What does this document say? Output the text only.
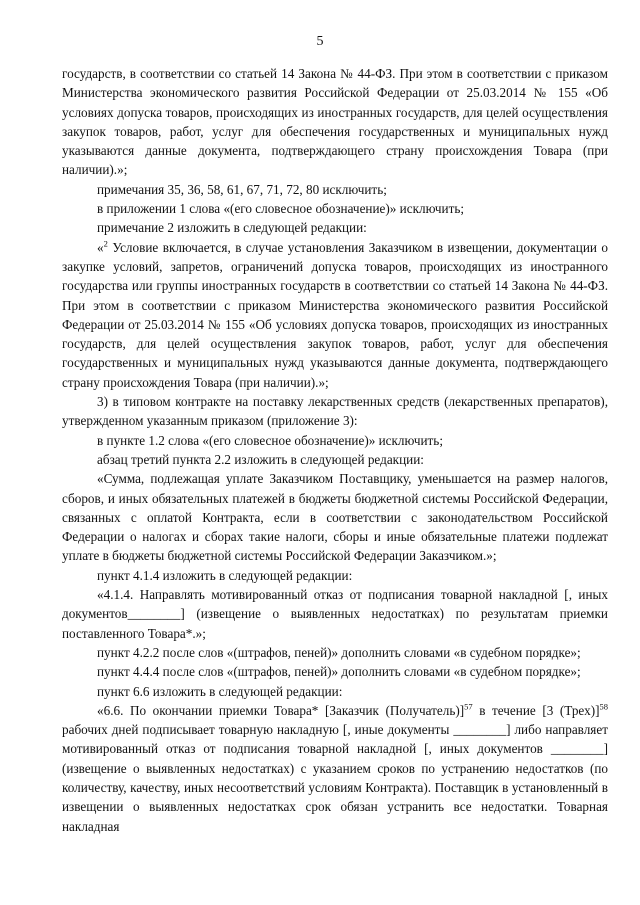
5

государств, в соответствии со статьей 14 Закона № 44-ФЗ. При этом в соответствии с приказом Министерства экономического развития Российской Федерации от 25.03.2014 № 155 «Об условиях допуска товаров, происходящих из иностранных государств, для целей осуществления закупок товаров, работ, услуг для обеспечения государственных и муниципальных нужд указываются данные документа, подтверждающего страну происхождения Товара (при наличии).»;

примечания 35, 36, 58, 61, 67, 71, 72, 80 исключить;

в приложении 1 слова «(его словесное обозначение)» исключить;

примечание 2 изложить в следующей редакции:

«$^2$ Условие включается, в случае установления Заказчиком в извещении, документации о закупке условий, запретов, ограничений допуска товаров, происходящих из иностранного государства или группы иностранных государств в соответствии со статьей 14 Закона № 44-ФЗ. При этом в соответствии с приказом Министерства экономического развития Российской Федерации от 25.03.2014 № 155 «Об условиях допуска товаров, происходящих из иностранных государств, для целей осуществления закупок товаров, работ, услуг для обеспечения государственных и муниципальных нужд указываются данные документа, подтверждающего страну происхождения Товара (при наличии).»;

3) в типовом контракте на поставку лекарственных средств (лекарственных препаратов), утвержденном указанным приказом (приложение 3):

в пункте 1.2 слова «(его словесное обозначение)» исключить;

абзац третий пункта 2.2 изложить в следующей редакции:

«Сумма, подлежащая уплате Заказчиком Поставщику, уменьшается на размер налогов, сборов, и иных обязательных платежей в бюджеты бюджетной системы Российской Федерации, связанных с оплатой Контракта, если в соответствии с законодательством Российской Федерации о налогах и сборах такие налоги, сборы и иные обязательные платежи подлежат уплате в бюджеты бюджетной системы Российской Федерации Заказчиком.»;

пункт 4.1.4 изложить в следующей редакции:

«4.1.4. Направлять мотивированный отказ от подписания товарной накладной [, иных документов________] (извещение о выявленных недостатках) по результатам приемки поставленного Товара*.»;

пункт 4.2.2 после слов «(штрафов, пеней)» дополнить словами «в судебном порядке»;

пункт 4.4.4 после слов «(штрафов, пеней)» дополнить словами «в судебном порядке»;

пункт 6.6 изложить в следующей редакции:

«6.6. По окончании приемки Товара* [Заказчик (Получатель)]$^{57}$ в течение [3 (Трех)]$^{58}$ рабочих дней подписывает товарную накладную [, иные документы ________] либо направляет мотивированный отказ от подписания товарной накладной [, иных документов ________] (извещение о выявленных недостатках) с указанием сроков по устранению недостатков (по количеству, качеству, иных несоответствий условиям Контракта). Поставщик в установленный в извещении о выявленных недостатках срок обязан устранить все недостатки. Товарная накладная
